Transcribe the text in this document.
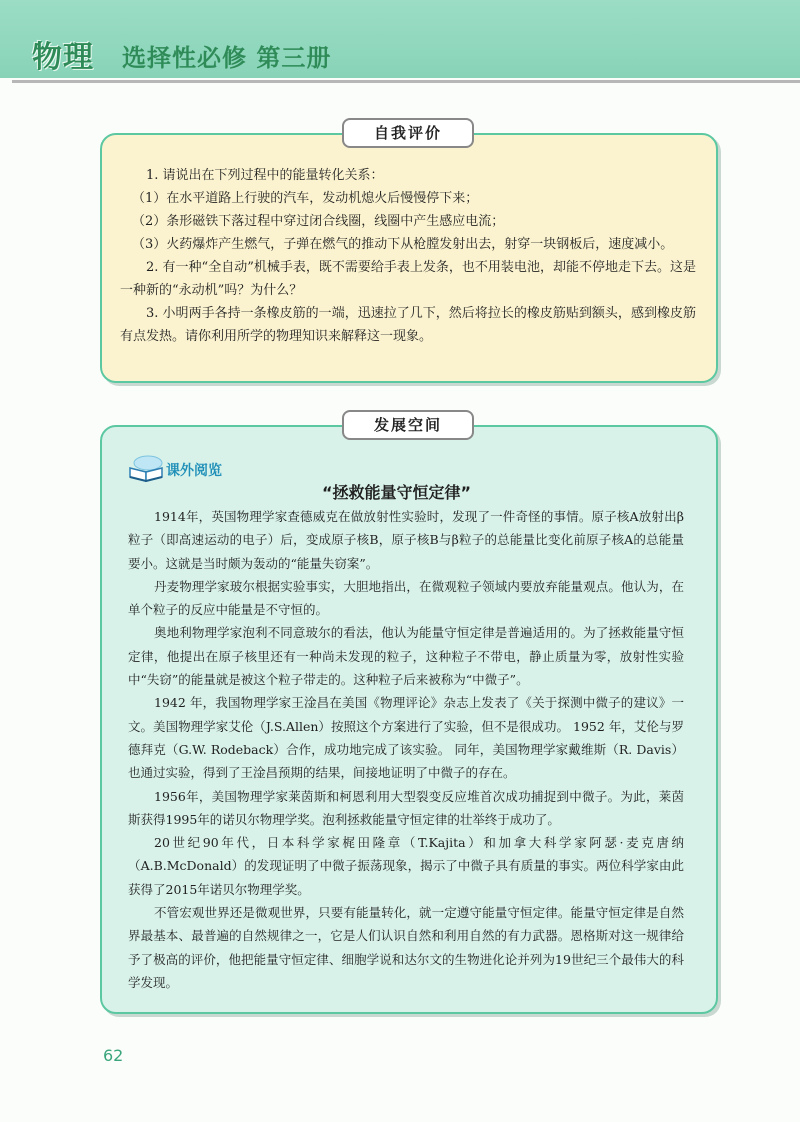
物理 选择性必修 第三册
自我评价

1. 请说出在下列过程中的能量转化关系：

（1）在水平道路上行驶的汽车，发动机熄火后慢慢停下来；

（2）条形磁铁下落过程中穿过闭合线圈，线圈中产生感应电流；

（3）火药爆炸产生燃气，子弹在燃气的推动下从枪膛发射出去，射穿一块钢板后，速度减小。

2. 有一种“全自动”机械手表，既不需要给手表上发条，也不用装电池，却能不停地走下去。这是一种新的“永动机”吗？为什么？

3. 小明两手各持一条橡皮筋的一端，迅速拉了几下，然后将拉长的橡皮筋贴到额头，感到橡皮筋有点发热。请你利用所学的物理知识来解释这一现象。

发展空间
课外阅览
“拯救能量守恒定律”

1914年，英国物理学家查德威克在做放射性实验时，发现了一件奇怪的事情。原子核A放射出β粒子（即高速运动的电子）后，变成原子核B，原子核B与β粒子的总能量比变化前原子核A的总能量要小。这就是当时颇为轰动的“能量失窃案”。

丹麦物理学家玻尔根据实验事实，大胆地指出，在微观粒子领域内要放弃能量观点。他认为，在单个粒子的反应中能量是不守恒的。

奥地利物理学家泡利不同意玻尔的看法，他认为能量守恒定律是普遍适用的。为了拯救能量守恒定律，他提出在原子核里还有一种尚未发现的粒子，这种粒子不带电，静止质量为零，放射性实验中“失窃”的能量就是被这个粒子带走的。这种粒子后来被称为“中微子”。

1942 年，我国物理学家王淦昌在美国《物理评论》杂志上发表了《关于探测中微子的建议》一文。美国物理学家艾伦（J.S.Allen）按照这个方案进行了实验，但不是很成功。 1952 年，艾伦与罗德拜克（G.W. Rodeback）合作，成功地完成了该实验。 同年，美国物理学家戴维斯（R. Davis）也通过实验，得到了王淦昌预期的结果，间接地证明了中微子的存在。

1956年，美国物理学家莱茵斯和柯恩利用大型裂变反应堆首次成功捕捉到中微子。为此，莱茵斯获得1995年的诺贝尔物理学奖。泡利拯救能量守恒定律的壮举终于成功了。

20世纪90年代，日本科学家梶田隆章（T.Kajita）和加拿大科学家阿瑟·麦克唐纳（A.B.McDonald）的发现证明了中微子振荡现象，揭示了中微子具有质量的事实。两位科学家由此获得了2015年诺贝尔物理学奖。

不管宏观世界还是微观世界，只要有能量转化，就一定遵守能量守恒定律。能量守恒定律是自然界最基本、最普遍的自然规律之一，它是人们认识自然和利用自然的有力武器。恩格斯对这一规律给予了极高的评价，他把能量守恒定律、细胞学说和达尔文的生物进化论并列为19世纪三个最伟大的科学发现。

62
